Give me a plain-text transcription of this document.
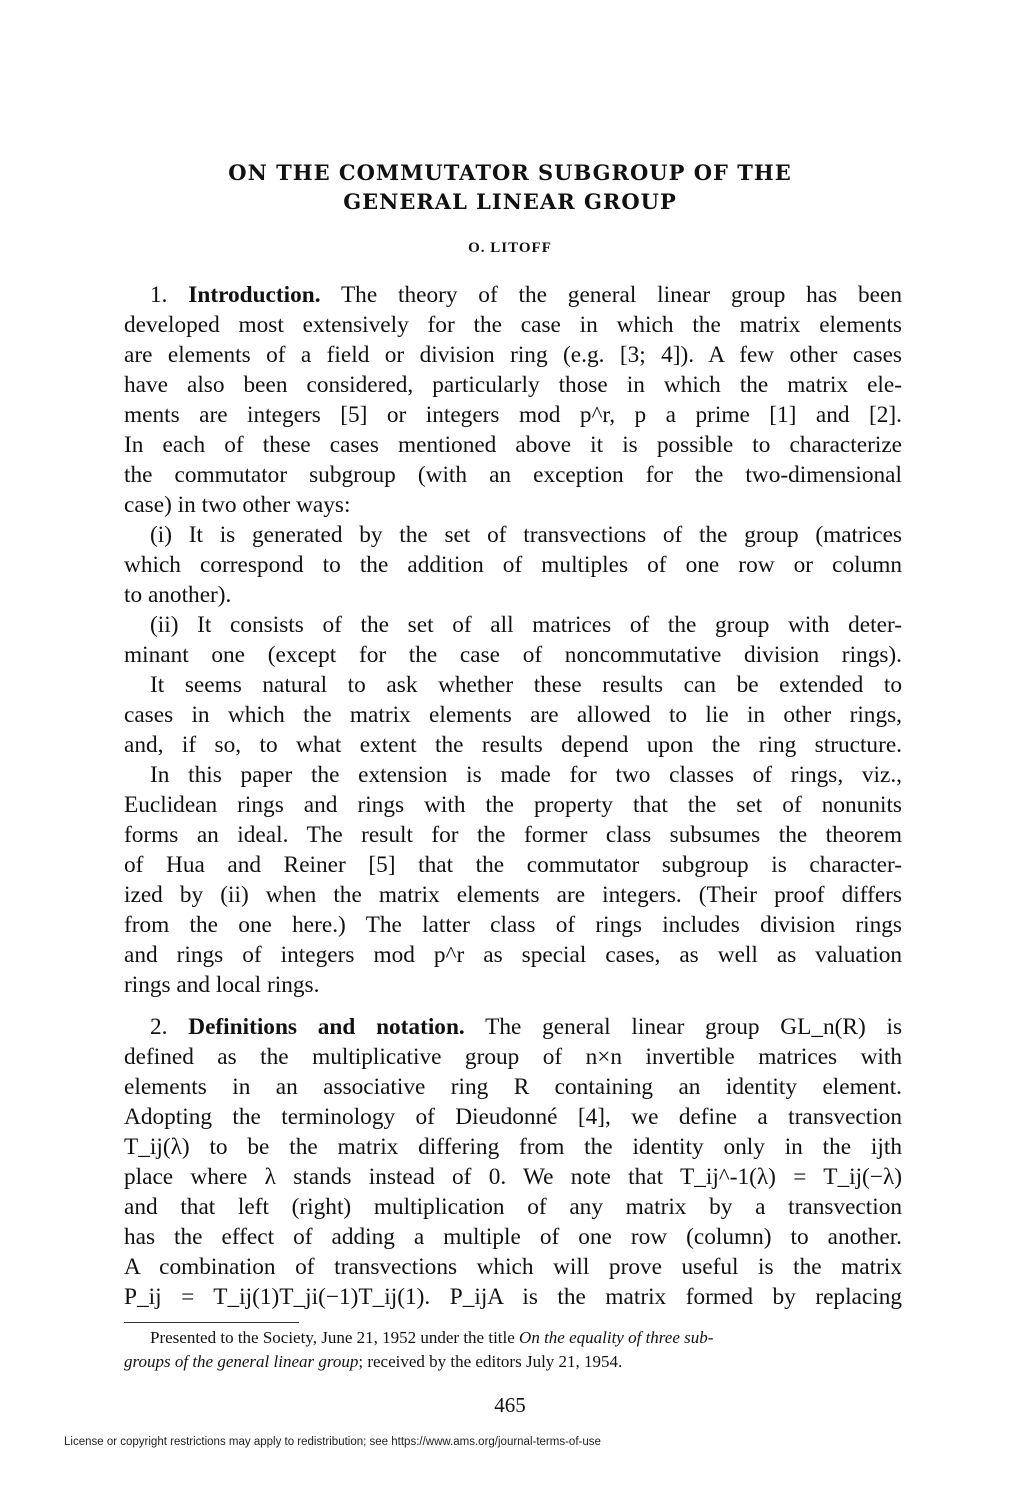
ON THE COMMUTATOR SUBGROUP OF THE
GENERAL LINEAR GROUP
O. LITOFF
1. Introduction. The theory of the general linear group has been
developed most extensively for the case in which the matrix elements
are elements of a field or division ring (e.g. [3; 4]). A few other cases
have also been considered, particularly those in which the matrix ele-
ments are integers [5] or integers mod p^r, p a prime [1] and [2].
In each of these cases mentioned above it is possible to characterize
the commutator subgroup (with an exception for the two-dimensional
case) in two other ways:
(i) It is generated by the set of transvections of the group (matrices
which correspond to the addition of multiples of one row or column
to another).
(ii) It consists of the set of all matrices of the group with deter-
minant one (except for the case of noncommutative division rings).
It seems natural to ask whether these results can be extended to
cases in which the matrix elements are allowed to lie in other rings,
and, if so, to what extent the results depend upon the ring structure.
In this paper the extension is made for two classes of rings, viz.,
Euclidean rings and rings with the property that the set of nonunits
forms an ideal. The result for the former class subsumes the theorem
of Hua and Reiner [5] that the commutator subgroup is character-
ized by (ii) when the matrix elements are integers. (Their proof differs
from the one here.) The latter class of rings includes division rings
and rings of integers mod p^r as special cases, as well as valuation
rings and local rings.
2. Definitions and notation. The general linear group GL_n(R) is
defined as the multiplicative group of n×n invertible matrices with
elements in an associative ring R containing an identity element.
Adopting the terminology of Dieudonné [4], we define a transvection
T_ij(λ) to be the matrix differing from the identity only in the ijth
place where λ stands instead of 0. We note that T_ij^-1(λ) = T_ij(−λ)
and that left (right) multiplication of any matrix by a transvection
has the effect of adding a multiple of one row (column) to another.
A combination of transvections which will prove useful is the matrix
P_ij = T_ij(1)T_ji(−1)T_ij(1). P_ijA is the matrix formed by replacing
Presented to the Society, June 21, 1952 under the title On the equality of three sub-
groups of the general linear group; received by the editors July 21, 1954.
465
License or copyright restrictions may apply to redistribution; see https://www.ams.org/journal-terms-of-use
